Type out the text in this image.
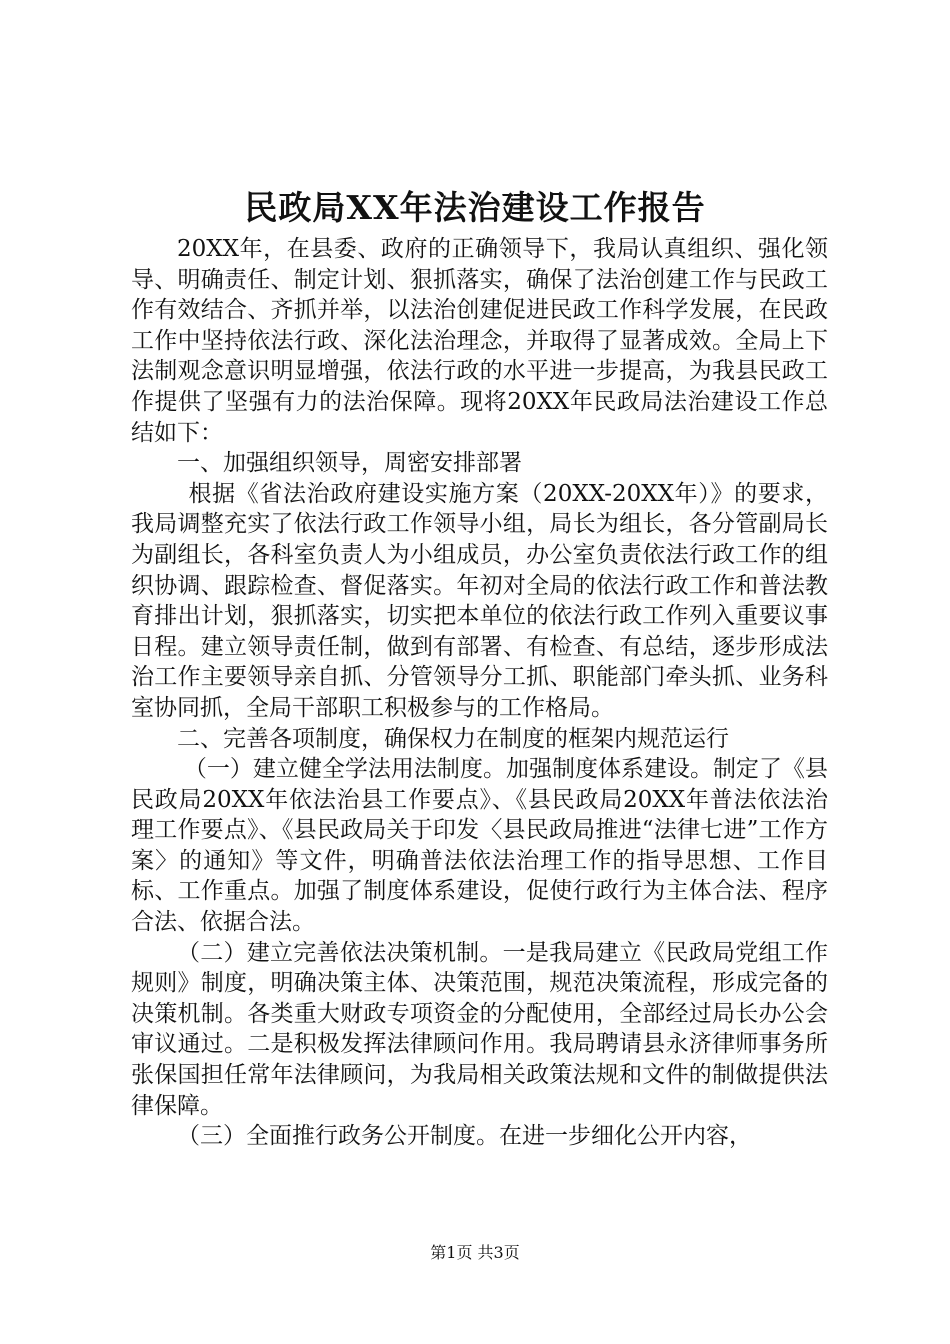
民政局XX年法治建设工作报告

20XX年，在县委、政府的正确领导下，我局认真组织、强化领导、明确责任、制定计划、狠抓落实，确保了法治创建工作与民政工作有效结合、齐抓并举，以法治创建促进民政工作科学发展，在民政工作中坚持依法行政、深化法治理念，并取得了显著成效。全局上下法制观念意识明显增强，依法行政的水平进一步提高，为我县民政工作提供了坚强有力的法治保障。现将20XX年民政局法治建设工作总结如下：

一、加强组织领导，周密安排部署

根据《省法治政府建设实施方案（20XX-20XX年）》的要求，我局调整充实了依法行政工作领导小组，局长为组长，各分管副局长为副组长，各科室负责人为小组成员，办公室负责依法行政工作的组织协调、跟踪检查、督促落实。年初对全局的依法行政工作和普法教育排出计划，狠抓落实，切实把本单位的依法行政工作列入重要议事日程。建立领导责任制，做到有部署、有检查、有总结，逐步形成法治工作主要领导亲自抓、分管领导分工抓、职能部门牵头抓、业务科室协同抓，全局干部职工积极参与的工作格局。

二、完善各项制度，确保权力在制度的框架内规范运行

（一）建立健全学法用法制度。加强制度体系建设。制定了《县民政局20XX年依法治县工作要点》、《县民政局20XX年普法依法治理工作要点》、《县民政局关于印发〈县民政局推进“法律七进”工作方案〉的通知》等文件，明确普法依法治理工作的指导思想、工作目标、工作重点。加强了制度体系建设，促使行政行为主体合法、程序合法、依据合法。

（二）建立完善依法决策机制。一是我局建立《民政局党组工作规则》制度，明确决策主体、决策范围，规范决策流程，形成完备的决策机制。各类重大财政专项资金的分配使用，全部经过局长办公会审议通过。二是积极发挥法律顾问作用。我局聘请县永济律师事务所张保国担任常年法律顾问，为我局相关政策法规和文件的制做提供法律保障。

（三）全面推行政务公开制度。在进一步细化公开内容，

第1页 共3页
